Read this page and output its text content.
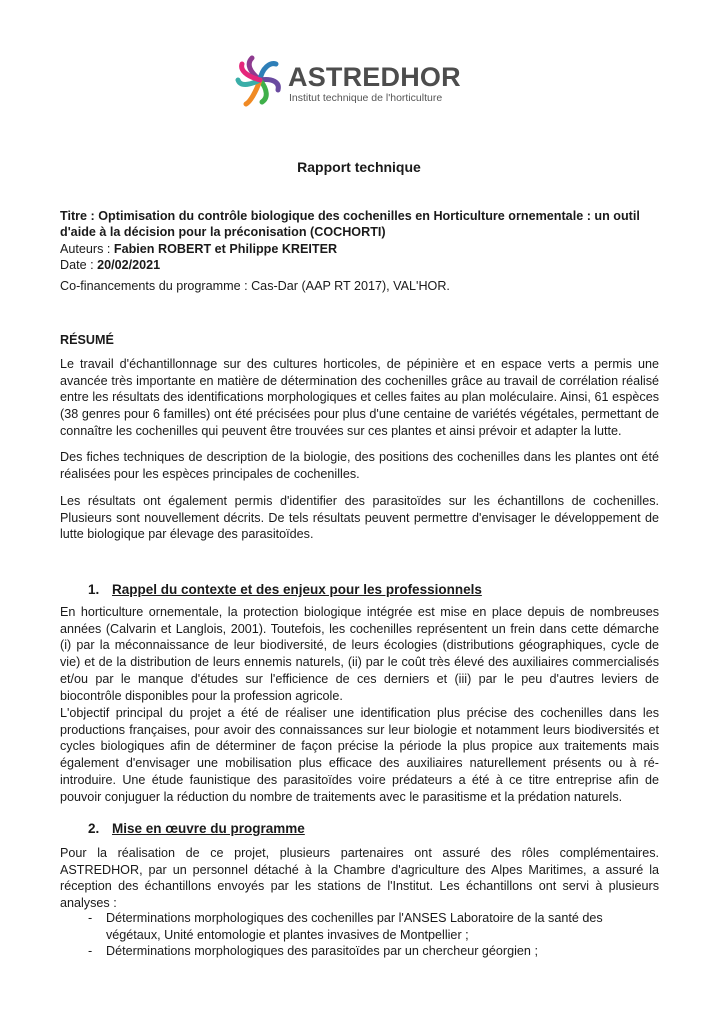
ASTREDHOR
Institut technique de l'horticulture
Rapport technique
Titre : Optimisation du contrôle biologique des cochenilles en Horticulture ornementale : un outil d'aide à la décision pour la préconisation (COCHORTI)
Auteurs : Fabien ROBERT et Philippe KREITER
Date : 20/02/2021
Co-financements du programme : Cas-Dar (AAP RT 2017), VAL'HOR.
RÉSUMÉ

Le travail d'échantillonnage sur des cultures horticoles, de pépinière et en espace verts a permis une avancée très importante en matière de détermination des cochenilles grâce au travail de corrélation réalisé entre les résultats des identifications morphologiques et celles faites au plan moléculaire. Ainsi, 61 espèces (38 genres pour 6 familles) ont été précisées pour plus d'une centaine de variétés végétales, permettant de connaître les cochenilles qui peuvent être trouvées sur ces plantes et ainsi prévoir et adapter la lutte.

Des fiches techniques de description de la biologie, des positions des cochenilles dans les plantes ont été réalisées pour les espèces principales de cochenilles.

Les résultats ont également permis d'identifier des parasitoïdes sur les échantillons de cochenilles. Plusieurs sont nouvellement décrits. De tels résultats peuvent permettre d'envisager le développement de lutte biologique par élevage des parasitoïdes.

1. Rappel du contexte et des enjeux pour les professionnels

En horticulture ornementale, la protection biologique intégrée est mise en place depuis de nombreuses années (Calvarin et Langlois, 2001). Toutefois, les cochenilles représentent un frein dans cette démarche (i) par la méconnaissance de leur biodiversité, de leurs écologies (distributions géographiques, cycle de vie) et de la distribution de leurs ennemis naturels, (ii) par le coût très élevé des auxiliaires commercialisés et/ou par le manque d'études sur l'efficience de ces derniers et (iii) par le peu d'autres leviers de biocontrôle disponibles pour la profession agricole.

L'objectif principal du projet a été de réaliser une identification plus précise des cochenilles dans les productions françaises, pour avoir des connaissances sur leur biologie et notamment leurs biodiversités et cycles biologiques afin de déterminer de façon précise la période la plus propice aux traitements mais également d'envisager une mobilisation plus efficace des auxiliaires naturellement présents ou à ré-introduire. Une étude faunistique des parasitoïdes voire prédateurs a été à ce titre entreprise afin de pouvoir conjuguer la réduction du nombre de traitements avec le parasitisme et la prédation naturels.

2. Mise en œuvre du programme

Pour la réalisation de ce projet, plusieurs partenaires ont assuré des rôles complémentaires. ASTREDHOR, par un personnel détaché à la Chambre d'agriculture des Alpes Maritimes, a assuré la réception des échantillons envoyés par les stations de l'Institut. Les échantillons ont servi à plusieurs analyses :

- Déterminations morphologiques des cochenilles par l'ANSES Laboratoire de la santé des végétaux, Unité entomologie et plantes invasives de Montpellier ;
- Déterminations morphologiques des parasitoïdes par un chercheur géorgien ;
